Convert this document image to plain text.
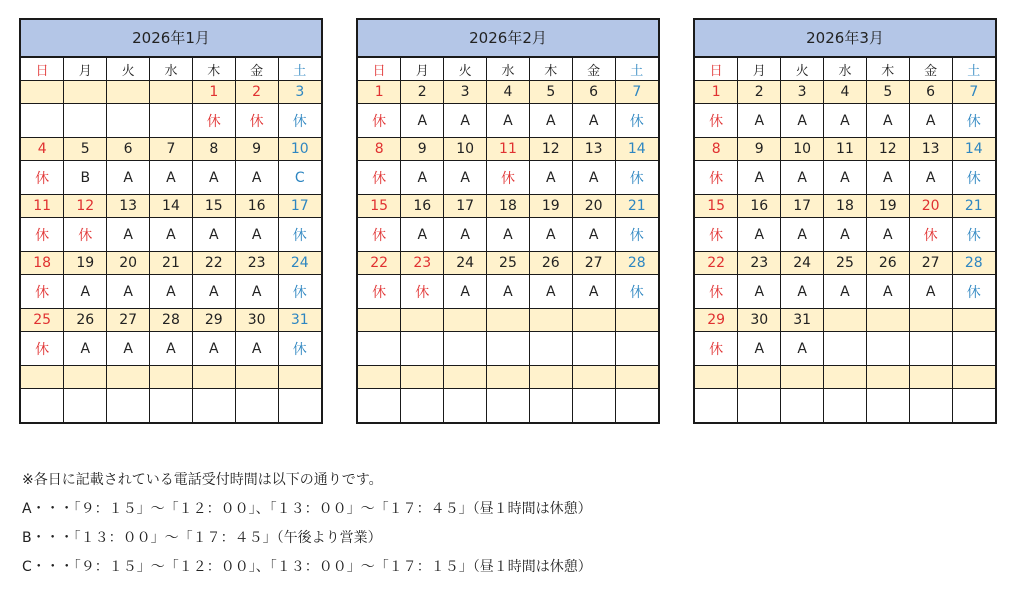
2026年1月
日	月	火	水	木	金	土
				1	2	3
				休	休	休
4	5	6	7	8	9	10
休	B	A	A	A	A	C
11	12	13	14	15	16	17
休	休	A	A	A	A	休
18	19	20	21	22	23	24
休	A	A	A	A	A	休
25	26	27	28	29	30	31
休	A	A	A	A	A	休

2026年2月
日	月	火	水	木	金	土
1	2	3	4	5	6	7
休	A	A	A	A	A	休
8	9	10	11	12	13	14
休	A	A	休	A	A	休
15	16	17	18	19	20	21
休	A	A	A	A	A	休
22	23	24	25	26	27	28
休	休	A	A	A	A	休

2026年3月
日	月	火	水	木	金	土
1	2	3	4	5	6	7
休	A	A	A	A	A	休
8	9	10	11	12	13	14
休	A	A	A	A	A	休
15	16	17	18	19	20	21
休	A	A	A	A	休	休
22	23	24	25	26	27	28
休	A	A	A	A	A	休
29	30	31				
休	A	A				

※各日に記載されている電話受付時間は以下の通りです。
A・・・「９：１５」～「１２：００」、「１３：００」～「１７：４５」（昼１時間は休憩）
B・・・「１３：００」～「１７：４５」（午後より営業）
C・・・「９：１５」～「１２：００」、「１３：００」～「１７：１５」（昼１時間は休憩）
